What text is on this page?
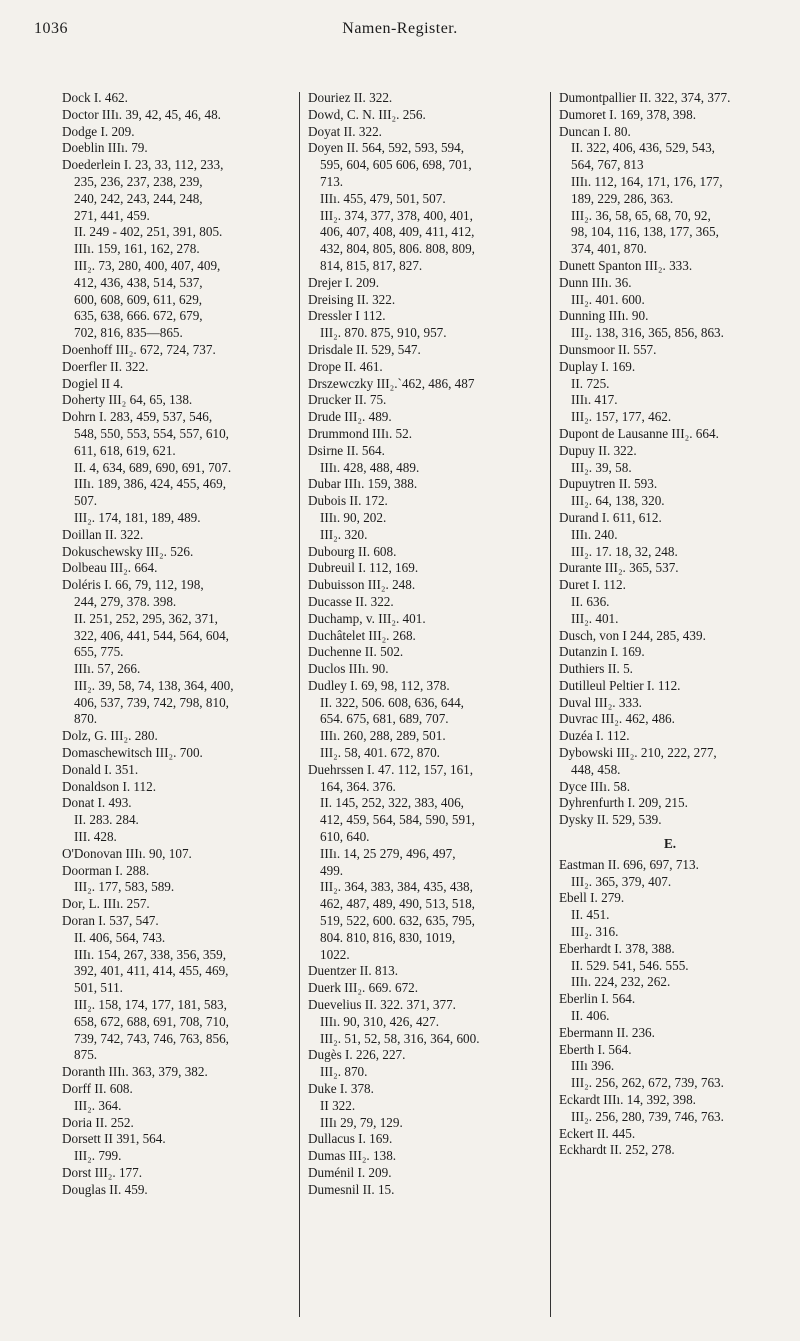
1036	Namen-Register.
Dock I. 462.
Doctor IIIı. 39, 42, 45, 46, 48.
Dodge I. 209.
Doeblin IIIı. 79.
Doederlein I. 23, 33, 112, 233,
235, 236, 237, 238, 239,
240, 242, 243, 244, 248,
271, 441, 459.
II. 249 - 402, 251, 391, 805.
IIIı. 159, 161, 162, 278.
III₂. 73, 280, 400, 407, 409,
412, 436, 438, 514, 537,
600, 608, 609, 611, 629,
635, 638, 666. 672, 679,
702, 816, 835—865.
Doenhoff III₂. 672, 724, 737.
Doerfler II. 322.
Dogiel II 4.
Doherty III₂ 64, 65, 138.
Dohrn I. 283, 459, 537, 546,
548, 550, 553, 554, 557, 610,
611, 618, 619, 621.
II. 4, 634, 689, 690, 691, 707.
IIIı. 189, 386, 424, 455, 469,
507.
III₂. 174, 181, 189, 489.
Doillan II. 322.
Dokuschewsky III₂. 526.
Dolbeau III₂. 664.
Doléris I. 66, 79, 112, 198,
244, 279, 378. 398.
II. 251, 252, 295, 362, 371,
322, 406, 441, 544, 564, 604,
655, 775.
IIIı. 57, 266.
III₂. 39, 58, 74, 138, 364, 400,
406, 537, 739, 742, 798, 810,
870.
Dolz, G. III₂. 280.
Domaschewitsch III₂. 700.
Donald I. 351.
Donaldson I. 112.
Donat I. 493.
II. 283. 284.
III. 428.
O'Donovan IIIı. 90, 107.
Doorman I. 288.
III₂. 177, 583, 589.
Dor, L. IIIı. 257.
Doran I. 537, 547.
II. 406, 564, 743.
IIIı. 154, 267, 338, 356, 359,
392, 401, 411, 414, 455, 469,
501, 511.
III₂. 158, 174, 177, 181, 583,
658, 672, 688, 691, 708, 710,
739, 742, 743, 746, 763, 856,
875.
Doranth IIIı. 363, 379, 382.
Dorff II. 608.
III₂. 364.
Doria II. 252.
Dorsett II 391, 564.
III₂. 799.
Dorst III₂. 177.
Douglas II. 459.
Douriez II. 322.
Dowd, C. N. III₂. 256.
Doyat II. 322.
Doyen II. 564, 592, 593, 594,
595, 604, 605 606, 698, 701,
713.
IIIı. 455, 479, 501, 507.
III₂. 374, 377, 378, 400, 401,
406, 407, 408, 409, 411, 412,
432, 804, 805, 806. 808, 809,
814, 815, 817, 827.
Drejer I. 209.
Dreising II. 322.
Dressler I 112.
III₂. 870. 875, 910, 957.
Drisdale II. 529, 547.
Drope II. 461.
Drszewczky III₂.`462, 486, 487
Drucker II. 75.
Drude III₂. 489.
Drummond IIIı. 52.
Dsirne II. 564.
IIIı. 428, 488, 489.
Dubar IIIı. 159, 388.
Dubois II. 172.
IIIı. 90, 202.
III₂. 320.
Dubourg II. 608.
Dubreuil I. 112, 169.
Dubuisson III₂. 248.
Ducasse II. 322.
Duchamp, v. III₂. 401.
Duchâtelet III₂. 268.
Duchenne II. 502.
Duclos IIIı. 90.
Dudley I. 69, 98, 112, 378.
II. 322, 506. 608, 636, 644,
654. 675, 681, 689, 707.
IIIı. 260, 288, 289, 501.
III₂. 58, 401. 672, 870.
Duehrssen I. 47. 112, 157, 161,
164, 364. 376.
II. 145, 252, 322, 383, 406,
412, 459, 564, 584, 590, 591,
610, 640.
IIIı. 14, 25 279, 496, 497,
499.
III₂. 364, 383, 384, 435, 438,
462, 487, 489, 490, 513, 518,
519, 522, 600. 632, 635, 795,
804. 810, 816, 830, 1019,
1022.
Duentzer II. 813.
Duerk III₂. 669. 672.
Duevelius II. 322. 371, 377.
IIIı. 90, 310, 426, 427.
III₂. 51, 52, 58, 316, 364, 600.
Dugès I. 226, 227.
III₂. 870.
Duke I. 378.
II 322.
IIIı 29, 79, 129.
Dullacus I. 169.
Dumas III₂. 138.
Duménil I. 209.
Dumesnil II. 15.
Dumontpallier II. 322, 374, 377.
Dumoret I. 169, 378, 398.
Duncan I. 80.
II. 322, 406, 436, 529, 543,
564, 767, 813
IIIı. 112, 164, 171, 176, 177,
189, 229, 286, 363.
III₂. 36, 58, 65, 68, 70, 92,
98, 104, 116, 138, 177, 365,
374, 401, 870.
Dunett Spanton III₂. 333.
Dunn IIIı. 36.
III₂. 401. 600.
Dunning IIIı. 90.
III₂. 138, 316, 365, 856, 863.
Dunsmoor II. 557.
Duplay I. 169.
II. 725.
IIIı. 417.
III₂. 157, 177, 462.
Dupont de Lausanne III₂. 664.
Dupuy II. 322.
III₂. 39, 58.
Dupuytren II. 593.
III₂. 64, 138, 320.
Durand I. 611, 612.
IIIı. 240.
III₂. 17. 18, 32, 248.
Durante III₂. 365, 537.
Duret I. 112.
II. 636.
III₂. 401.
Dusch, von I 244, 285, 439.
Dutanzin I. 169.
Duthiers II. 5.
Dutilleul Peltier I. 112.
Duval III₂. 333.
Duvrac III₂. 462, 486.
Duzéa I. 112.
Dybowski III₂. 210, 222, 277,
448, 458.
Dyce IIIı. 58.
Dyhrenfurth I. 209, 215.
Dysky II. 529, 539.
E.
Eastman II. 696, 697, 713.
III₂. 365, 379, 407.
Ebell I. 279.
II. 451.
III₂. 316.
Eberhardt I. 378, 388.
II. 529. 541, 546. 555.
IIIı. 224, 232, 262.
Eberlin I. 564.
II. 406.
Ebermann II. 236.
Eberth I. 564.
IIIı 396.
III₂. 256, 262, 672, 739, 763.
Eckardt IIIı. 14, 392, 398.
III₂. 256, 280, 739, 746, 763.
Eckert II. 445.
Eckhardt II. 252, 278.
